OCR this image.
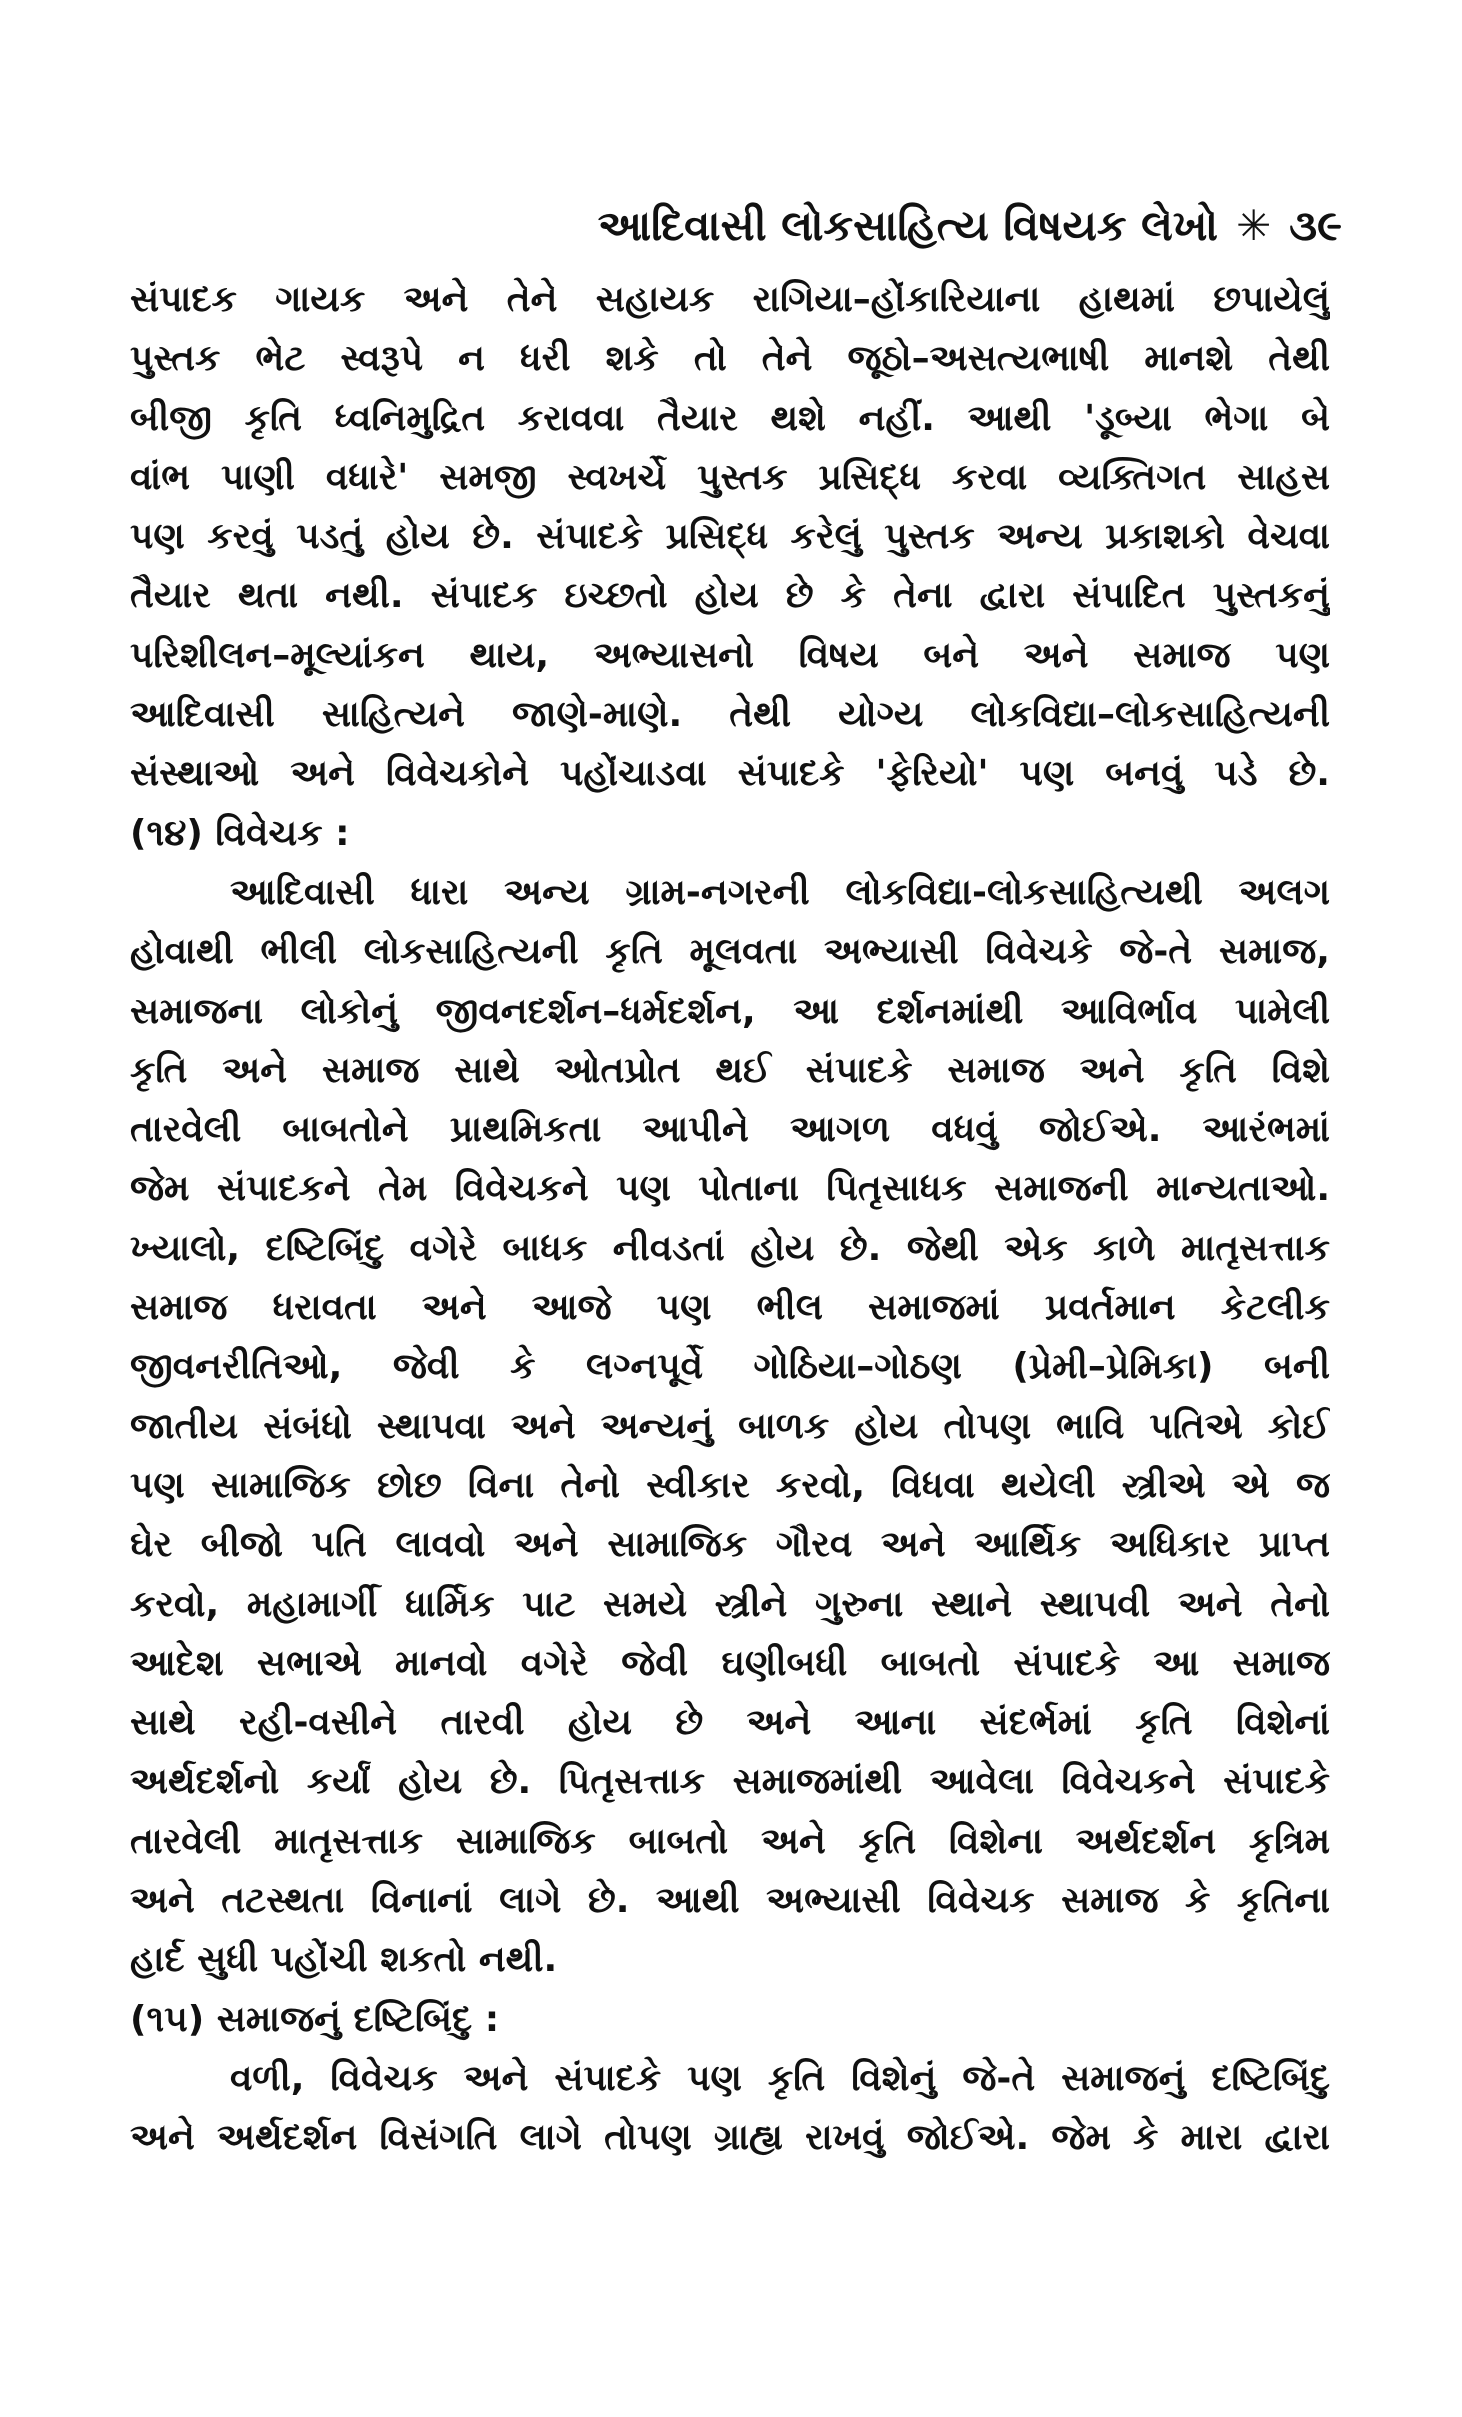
આદિવાસી લોકસાહિત્ય વિષયક લેખો ✳ ૩૯
સંપાદક ગાયક અને તેને સહાયક રાગિયા–હોંકારિયાના હાથમાં છપાયેલું
પુસ્તક ભેટ સ્વરૂપે ન ધરી શકે તો તેને જૂઠો–અસત્યભાષી માનશે તેથી
બીજી કૃતિ ધ્વનિમુદ્રિત કરાવવા તૈયાર થશે નહીં. આથી 'ડૂબ્યા ભેગા બે
વાંભ પાણી વધારે' સમજી સ્વખર્ચે પુસ્તક પ્રસિદ્ધ કરવા વ્યક્તિગત સાહસ
પણ કરવું પડતું હોય છે. સંપાદકે પ્રસિદ્ધ કરેલું પુસ્તક અન્ય પ્રકાશકો વેચવા
તૈયાર થતા નથી. સંપાદક ઇચ્છતો હોય છે કે તેના દ્વારા સંપાદિત પુસ્તકનું
પરિશીલન–મૂલ્યાંકન થાય, અભ્યાસનો વિષય બને અને સમાજ પણ
આદિવાસી સાહિત્યને જાણે-માણે. તેથી યોગ્ય લોકવિદ્યા–લોકસાહિત્યની
સંસ્થાઓ અને વિવેચકોને પહોંચાડવા સંપાદકે 'ફેરિયો' પણ બનવું પડે છે.
(૧૪) વિવેચક :
આદિવાસી ધારા અન્ય ગ્રામ-નગરની લોકવિદ્યા-લોકસાહિત્યથી અલગ
હોવાથી ભીલી લોકસાહિત્યની કૃતિ મૂલવતા અભ્યાસી વિવેચકે જે-તે સમાજ,
સમાજના લોકોનું જીવનદર્શન–ધર્મદર્શન, આ દર્શનમાંથી આવિર્ભાવ પામેલી
કૃતિ અને સમાજ સાથે ઓતપ્રોત થઈ સંપાદકે સમાજ અને કૃતિ વિશે
તારવેલી બાબતોને પ્રાથમિકતા આપીને આગળ વધવું જોઈએ. આરંભમાં
જેમ સંપાદકને તેમ વિવેચકને પણ પોતાના પિતૃસાધક સમાજની માન્યતાઓ.
ખ્યાલો, દષ્ટિબિંદુ વગેરે બાધક નીવડતાં હોય છે. જેથી એક કાળે માતૃસત્તાક
સમાજ ધરાવતા અને આજે પણ ભીલ સમાજમાં પ્રવર્તમાન કેટલીક
જીવનરીતિઓ, જેવી કે લગ્નપૂર્વે ગોઠિયા–ગોઠણ (પ્રેમી–પ્રેમિકા) બની
જાતીય સંબંધો સ્થાપવા અને અન્યનું બાળક હોય તોપણ ભાવિ પતિએ કોઈ
પણ સામાજિક છોછ વિના તેનો સ્વીકાર કરવો, વિધવા થયેલી સ્ત્રીએ એ જ
ઘેર બીજો પતિ લાવવો અને સામાજિક ગૌરવ અને આર્થિક અધિકાર પ્રાપ્ત
કરવો, મહામાર્ગી ધાર્મિક પાટ સમયે સ્ત્રીને ગુરુના સ્થાને સ્થાપવી અને તેનો
આદેશ સભાએ માનવો વગેરે જેવી ઘણીબધી બાબતો સંપાદકે આ સમાજ
સાથે રહી-વસીને તારવી હોય છે અને આના સંદર્ભમાં કૃતિ વિશેનાં
અર્થદર્શનો કર્યાં હોય છે. પિતૃસત્તાક સમાજમાંથી આવેલા વિવેચકને સંપાદકે
તારવેલી માતૃસત્તાક સામાજિક બાબતો અને કૃતિ વિશેના અર્થદર્શન કૃત્રિમ
અને તટસ્થતા વિનાનાં લાગે છે. આથી અભ્યાસી વિવેચક સમાજ કે કૃતિના
હાર્દ સુધી પહોંચી શકતો નથી.
(૧૫) સમાજનું દષ્ટિબિંદુ :
વળી, વિવેચક અને સંપાદકે પણ કૃતિ વિશેનું જે-તે સમાજનું દષ્ટિબિંદુ
અને અર્થદર્શન વિસંગતિ લાગે તોપણ ગ્રાહ્ય રાખવું જોઈએ. જેમ કે મારા દ્વારા
